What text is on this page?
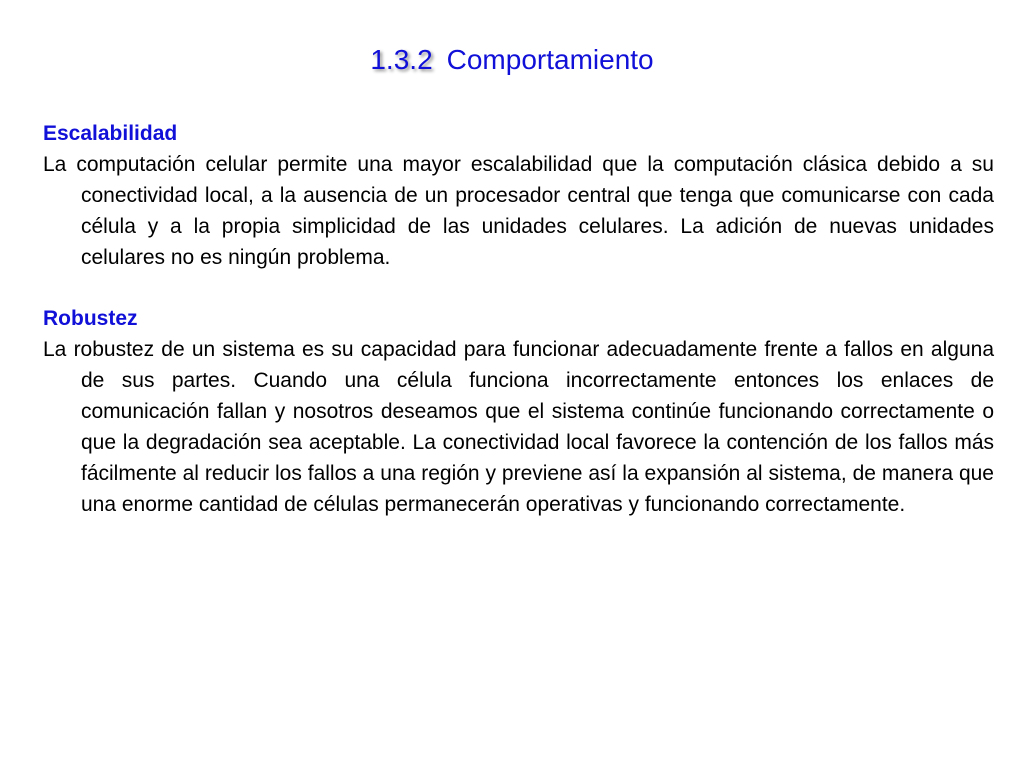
1.3.2 Comportamiento

Escalabilidad

La computación celular permite una mayor escalabilidad que la computación clásica debido a su conectividad local, a la ausencia de un procesador central que tenga que comunicarse con cada célula y a la propia simplicidad de las unidades celulares. La adición de nuevas unidades celulares no es ningún problema.

Robustez

La robustez de un sistema es su capacidad para funcionar adecuadamente frente a fallos en alguna de sus partes. Cuando una célula funciona incorrectamente entonces los enlaces de comunicación fallan y nosotros deseamos que el sistema continúe funcionando correctamente o que la degradación sea aceptable. La conectividad local favorece la contención de los fallos más fácilmente al reducir los fallos a una región y previene así la expansión al sistema, de manera que una enorme cantidad de células permanecerán operativas y funcionando correctamente.
